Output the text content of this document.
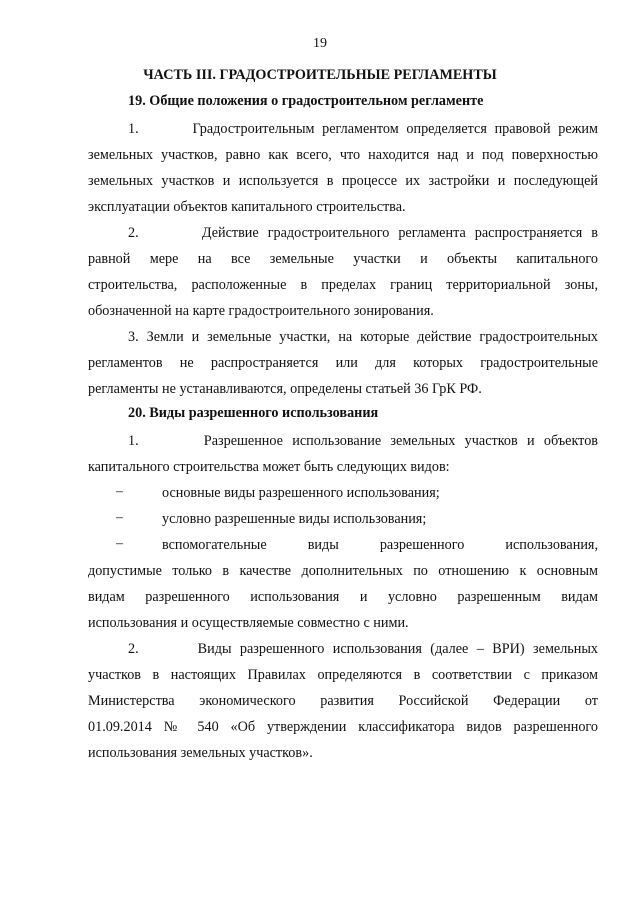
19
ЧАСТЬ III. ГРАДОСТРОИТЕЛЬНЫЕ РЕГЛАМЕНТЫ
19. Общие положения о градостроительном регламенте
1.       Градостроительным регламентом определяется правовой режим
земельных участков, равно как всего, что находится над и под поверхностью
земельных участков и используется в процессе их застройки и последующей
эксплуатации объектов капитального строительства.
2.       Действие градостроительного регламента распространяется в
равной мере на все земельные участки и объекты капитального
строительства, расположенные в пределах границ территориальной зоны,
обозначенной на карте градостроительного зонирования.
3. Земли и земельные участки, на которые действие градостроительных
регламентов не распространяется или для которых градостроительные
регламенты не устанавливаются, определены статьей 36 ГрК РФ.
20. Виды разрешенного использования
1.       Разрешенное использование земельных участков и объектов
капитального строительства может быть следующих видов:
–	основные виды разрешенного использования;
–	условно разрешенные виды использования;
–	вспомогательные виды разрешенного использования,
допустимые только в качестве дополнительных по отношению к основным
видам разрешенного использования и условно разрешенным видам
использования и осуществляемые совместно с ними.
2.       Виды разрешенного использования (далее – ВРИ) земельных
участков в настоящих Правилах определяются в соответствии с приказом
Министерства экономического развития Российской Федерации от
01.09.2014 № 540 «Об утверждении классификатора видов разрешенного
использования земельных участков».
